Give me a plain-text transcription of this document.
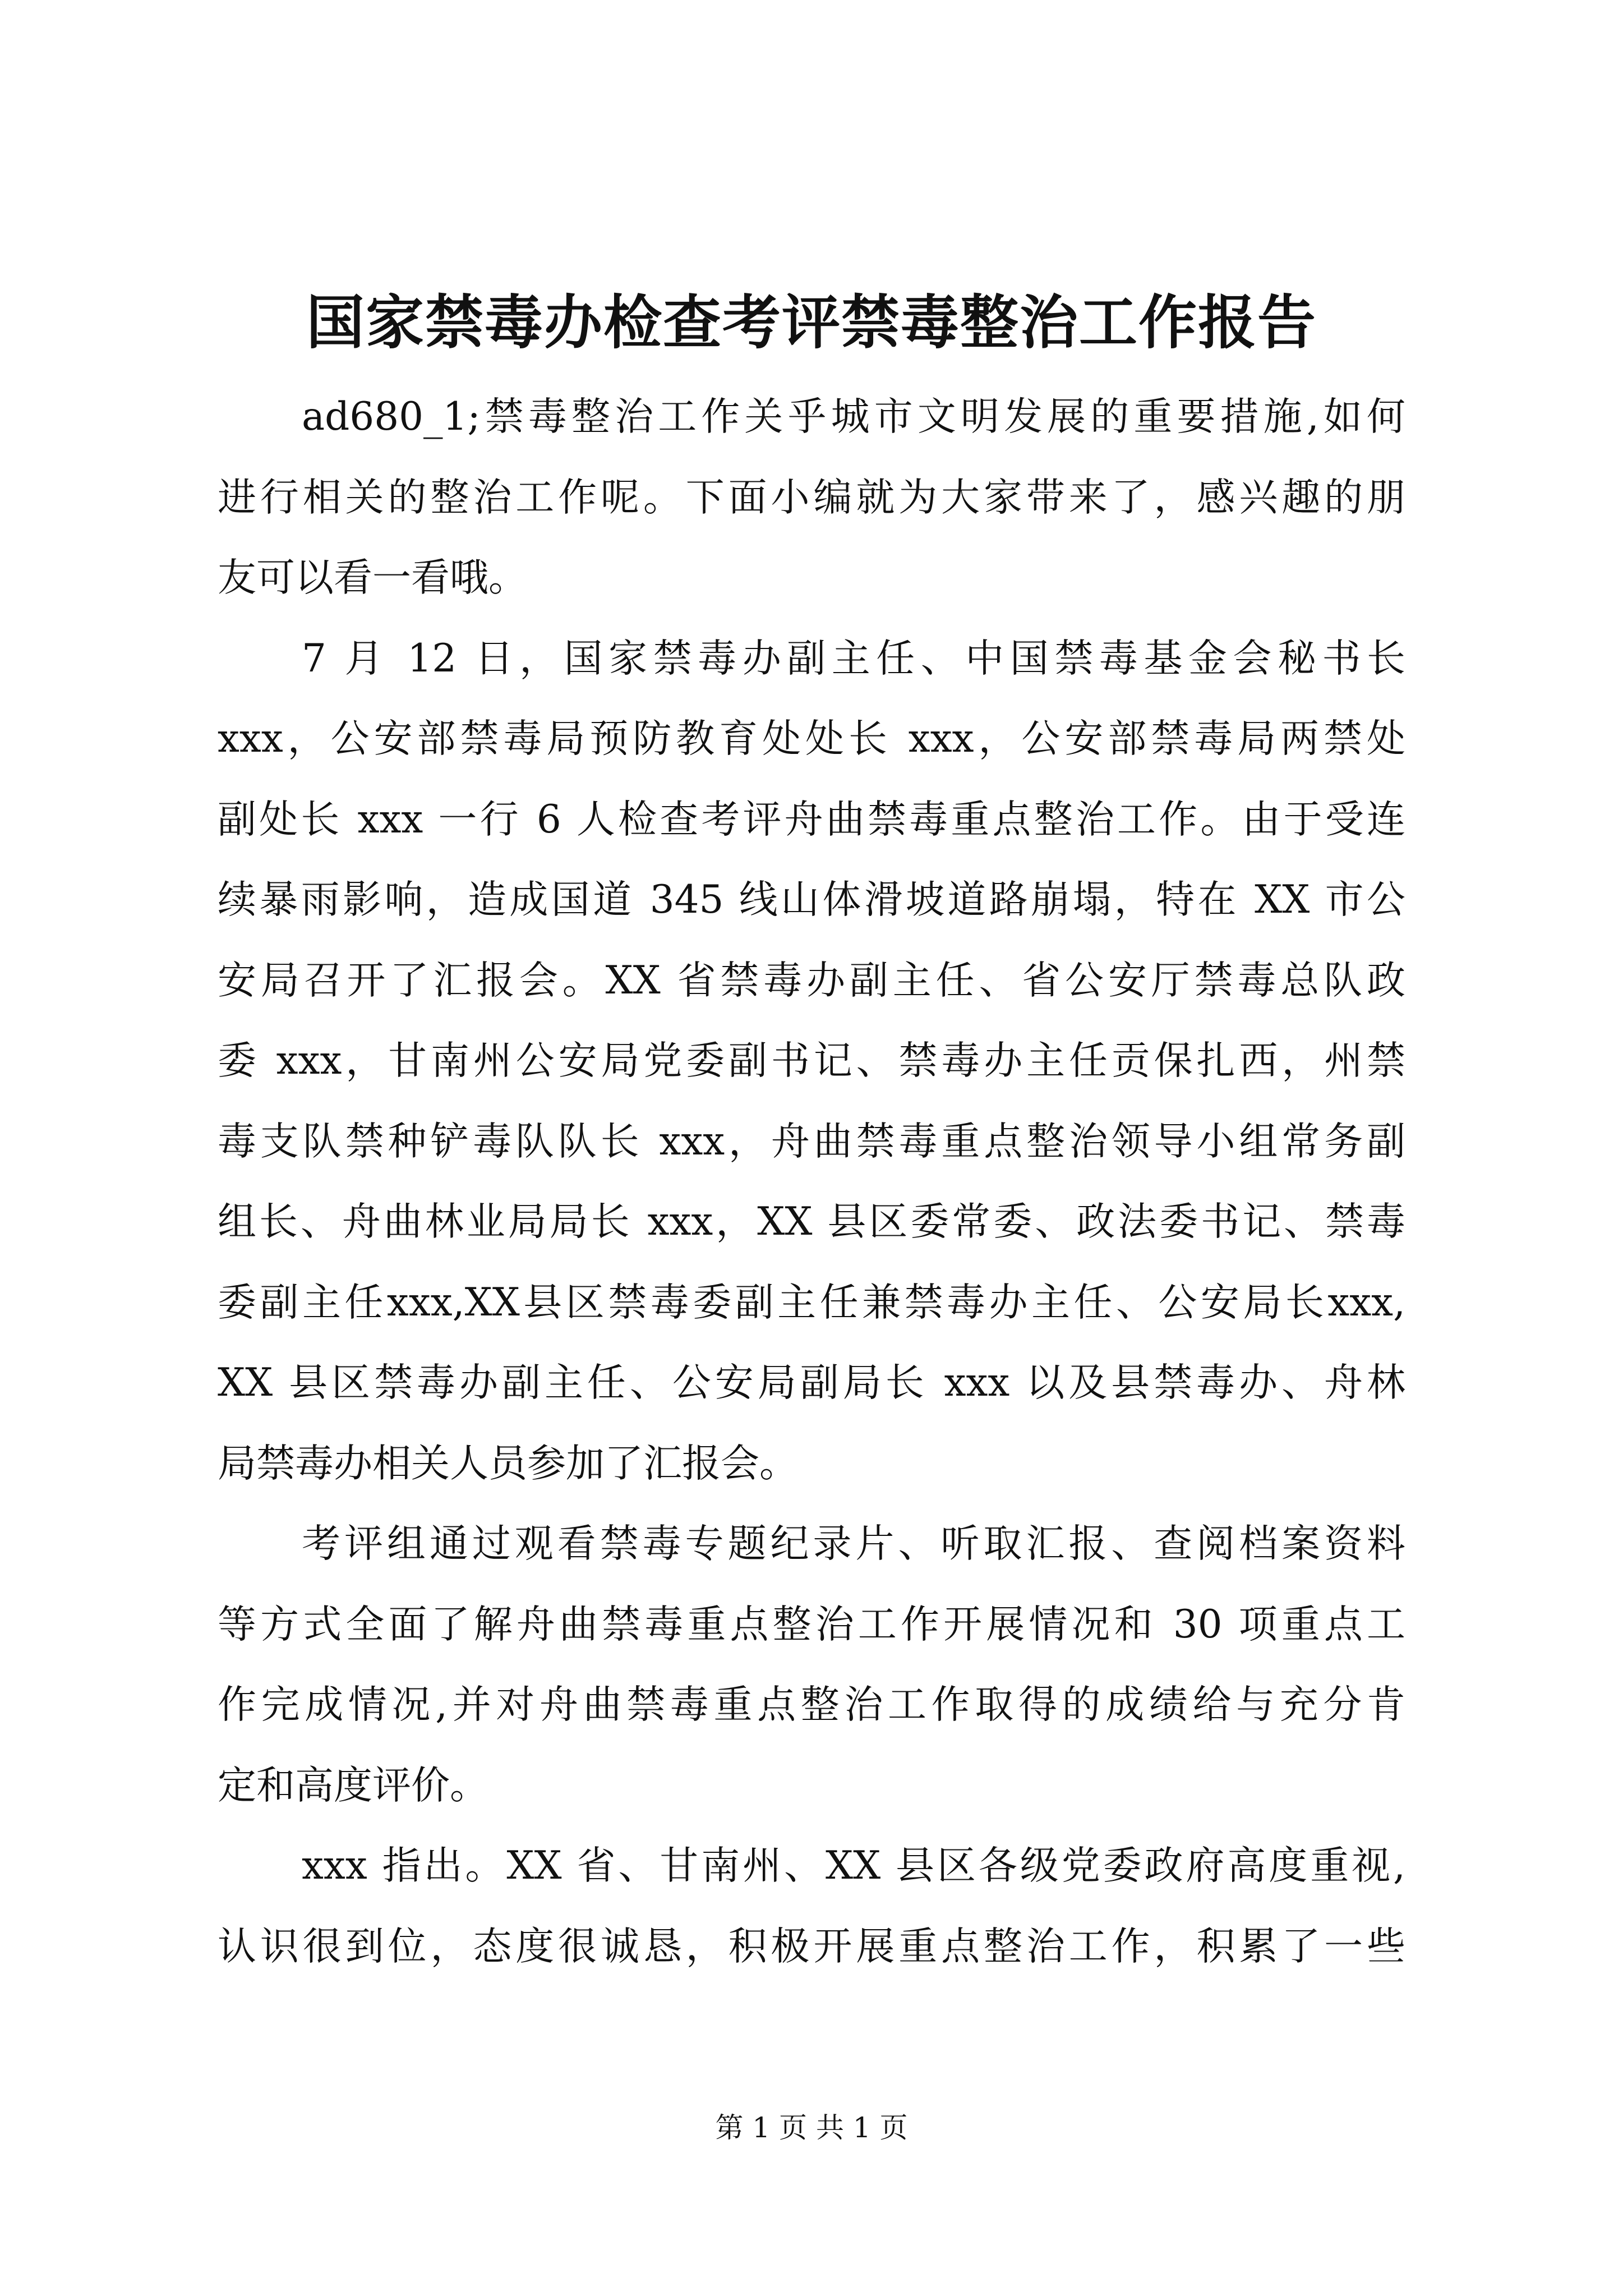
国家禁毒办检查考评禁毒整治工作报告
ad680_1;禁毒整治工作关乎城市文明发展的重要措施,如何
进行相关的整治工作呢。下面小编就为大家带来了，感兴趣的朋
友可以看一看哦。
7 月 12 日，国家禁毒办副主任、中国禁毒基金会秘书长
xxx，公安部禁毒局预防教育处处长 xxx，公安部禁毒局两禁处
副处长 xxx 一行 6 人检查考评舟曲禁毒重点整治工作。由于受连
续暴雨影响，造成国道 345 线山体滑坡道路崩塌，特在 XX 市公
安局召开了汇报会。XX 省禁毒办副主任、省公安厅禁毒总队政
委 xxx，甘南州公安局党委副书记、禁毒办主任贡保扎西，州禁
毒支队禁种铲毒队队长 xxx，舟曲禁毒重点整治领导小组常务副
组长、舟曲林业局局长 xxx，XX 县区委常委、政法委书记、禁毒
委副主任xxx,XX县区禁毒委副主任兼禁毒办主任、公安局长xxx,
XX 县区禁毒办副主任、公安局副局长 xxx 以及县禁毒办、舟林
局禁毒办相关人员参加了汇报会。
考评组通过观看禁毒专题纪录片、听取汇报、查阅档案资料
等方式全面了解舟曲禁毒重点整治工作开展情况和 30 项重点工
作完成情况,并对舟曲禁毒重点整治工作取得的成绩给与充分肯
定和高度评价。
xxx 指出。XX 省、甘南州、XX 县区各级党委政府高度重视,
认识很到位，态度很诚恳，积极开展重点整治工作，积累了一些
第 1 页 共 1 页
